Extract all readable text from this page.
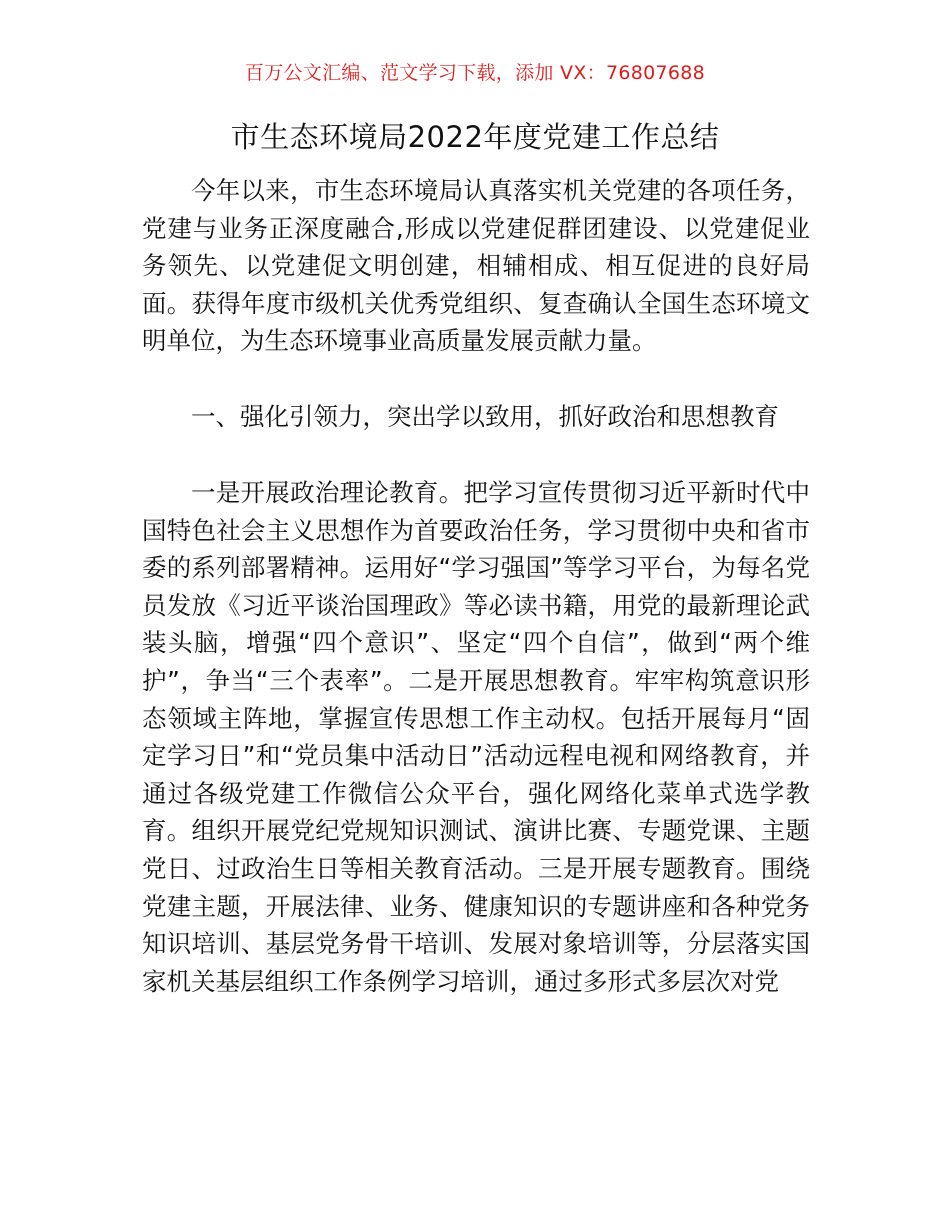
百万公文汇编、范文学习下载，添加 VX：76807688
市生态环境局2022年度党建工作总结

今年以来，市生态环境局认真落实机关党建的各项任务，党建与业务正深度融合,形成以党建促群团建设、以党建促业务领先、以党建促文明创建，相辅相成、相互促进的良好局面。获得年度市级机关优秀党组织、复查确认全国生态环境文明单位，为生态环境事业高质量发展贡献力量。

一、强化引领力，突出学以致用，抓好政治和思想教育

一是开展政治理论教育。把学习宣传贯彻习近平新时代中国特色社会主义思想作为首要政治任务，学习贯彻中央和省市委的系列部署精神。运用好“学习强国”等学习平台，为每名党员发放《习近平谈治国理政》等必读书籍，用党的最新理论武装头脑，增强“四个意识”、坚定“四个自信”，做到“两个维护”，争当“三个表率”。二是开展思想教育。牢牢构筑意识形态领域主阵地，掌握宣传思想工作主动权。包括开展每月“固定学习日”和“党员集中活动日”活动远程电视和网络教育，并通过各级党建工作微信公众平台，强化网络化菜单式选学教育。组织开展党纪党规知识测试、演讲比赛、专题党课、主题党日、过政治生日等相关教育活动。三是开展专题教育。围绕党建主题，开展法律、业务、健康知识的专题讲座和各种党务知识培训、基层党务骨干培训、发展对象培训等，分层落实国家机关基层组织工作条例学习培训，通过多形式多层次对党
